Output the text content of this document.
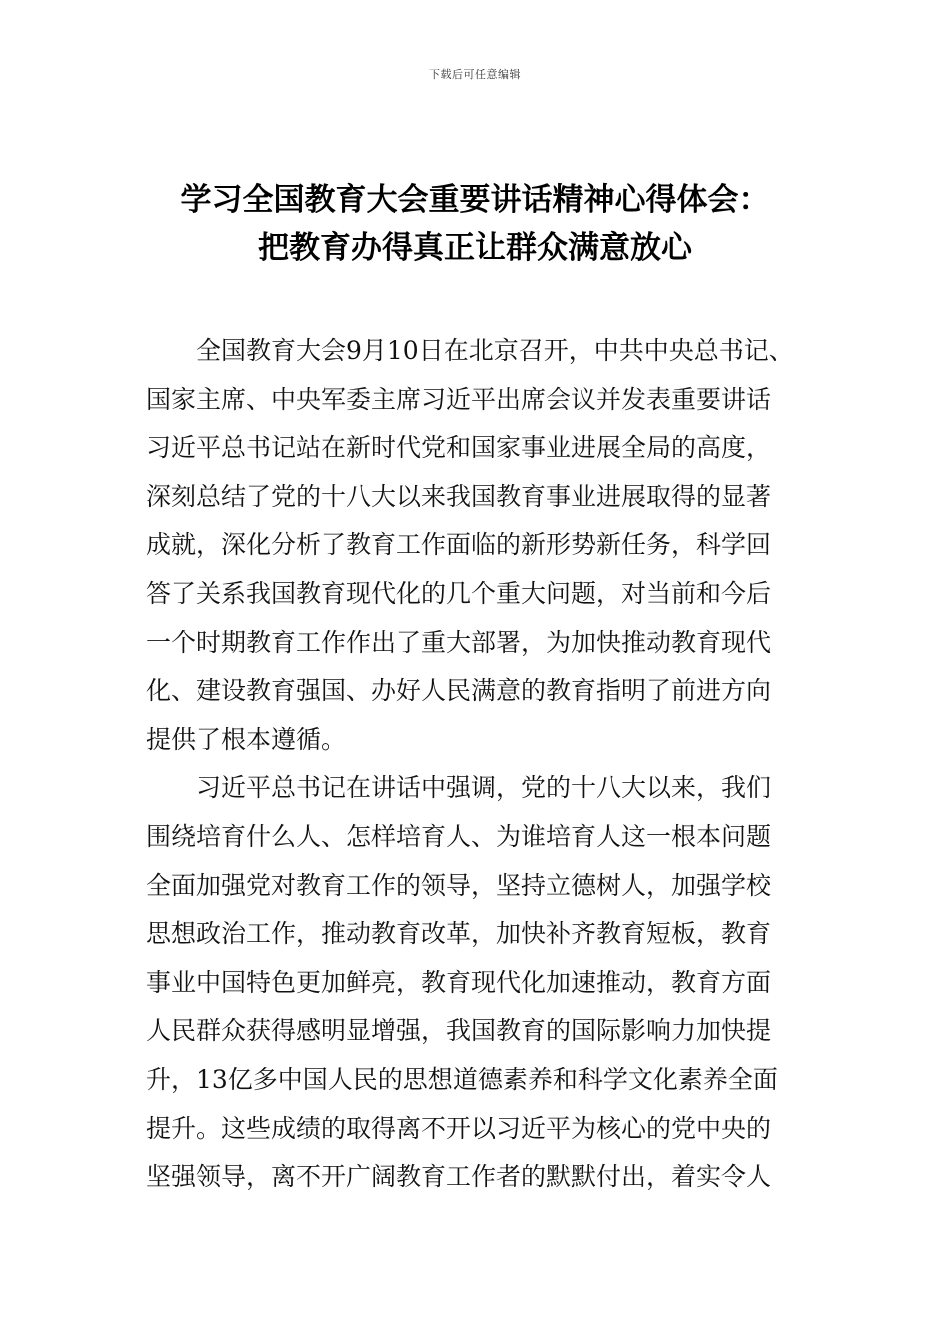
下载后可任意编辑
学习全国教育大会重要讲话精神心得体会：
把教育办得真正让群众满意放心
全国教育大会9月10日在北京召开，中共中央总书记、
国家主席、中央军委主席习近平出席会议并发表重要讲话
习近平总书记站在新时代党和国家事业进展全局的高度，
深刻总结了党的十八大以来我国教育事业进展取得的显著
成就，深化分析了教育工作面临的新形势新任务，科学回
答了关系我国教育现代化的几个重大问题，对当前和今后
一个时期教育工作作出了重大部署，为加快推动教育现代
化、建设教育强国、办好人民满意的教育指明了前进方向
提供了根本遵循。
习近平总书记在讲话中强调，党的十八大以来，我们
围绕培育什么人、怎样培育人、为谁培育人这一根本问题
全面加强党对教育工作的领导，坚持立德树人，加强学校
思想政治工作，推动教育改革，加快补齐教育短板，教育
事业中国特色更加鲜亮，教育现代化加速推动，教育方面
人民群众获得感明显增强，我国教育的国际影响力加快提
升，13亿多中国人民的思想道德素养和科学文化素养全面
提升。这些成绩的取得离不开以习近平为核心的党中央的
坚强领导，离不开广阔教育工作者的默默付出，着实令人
